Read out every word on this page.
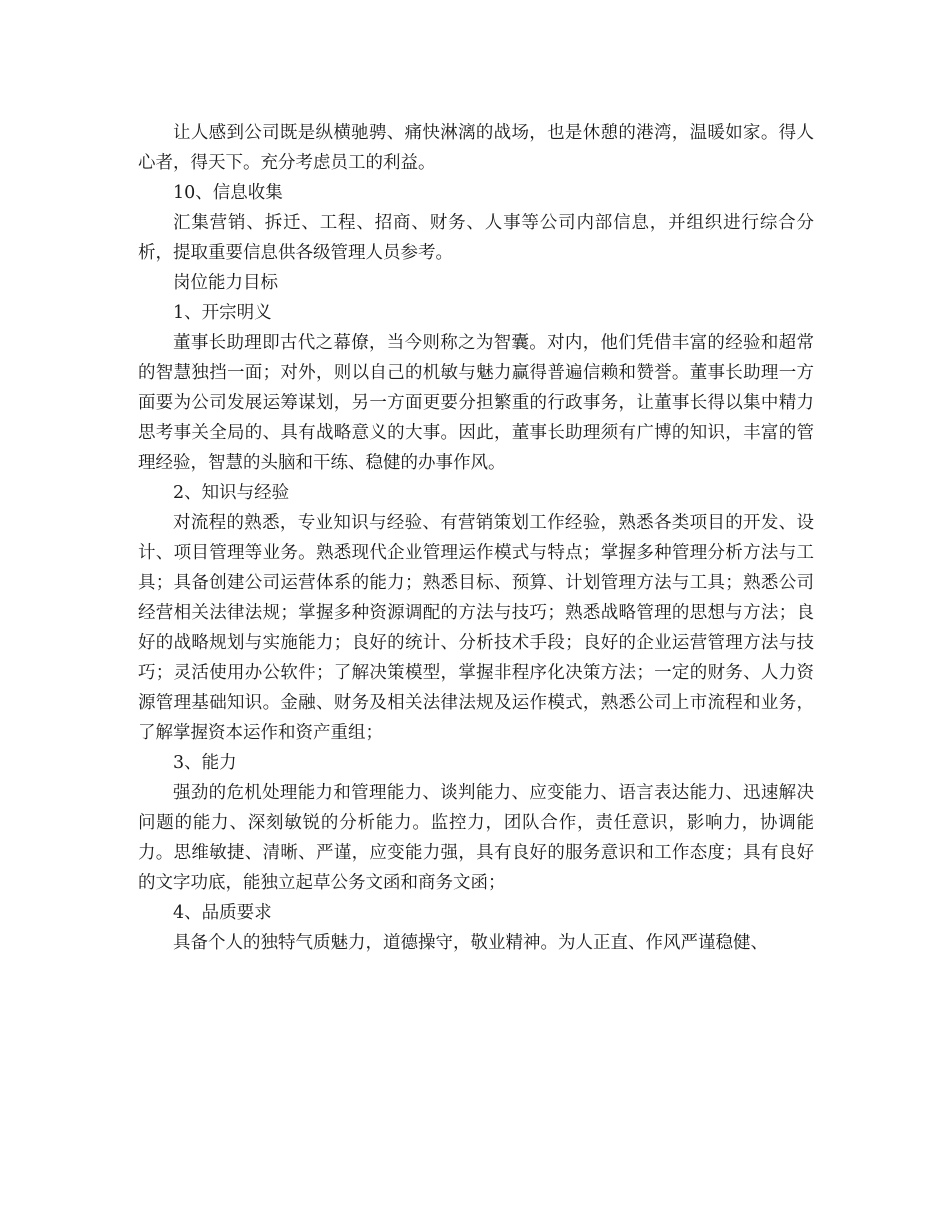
让人感到公司既是纵横驰骋、痛快淋漓的战场，也是休憩的港湾，温暖如家。得人心者，得天下。充分考虑员工的利益。

10、信息收集

汇集营销、拆迁、工程、招商、财务、人事等公司内部信息，并组织进行综合分析，提取重要信息供各级管理人员参考。

岗位能力目标

1、开宗明义

董事长助理即古代之幕僚，当今则称之为智囊。对内，他们凭借丰富的经验和超常的智慧独挡一面；对外，则以自己的机敏与魅力赢得普遍信赖和赞誉。董事长助理一方面要为公司发展运筹谋划，另一方面更要分担繁重的行政事务，让董事长得以集中精力思考事关全局的、具有战略意义的大事。因此，董事长助理须有广博的知识，丰富的管理经验，智慧的头脑和干练、稳健的办事作风。

2、知识与经验

对流程的熟悉，专业知识与经验、有营销策划工作经验，熟悉各类项目的开发、设计、项目管理等业务。熟悉现代企业管理运作模式与特点；掌握多种管理分析方法与工具；具备创建公司运营体系的能力；熟悉目标、预算、计划管理方法与工具；熟悉公司经营相关法律法规；掌握多种资源调配的方法与技巧；熟悉战略管理的思想与方法；良好的战略规划与实施能力；良好的统计、分析技术手段；良好的企业运营管理方法与技巧；灵活使用办公软件；了解决策模型，掌握非程序化决策方法；一定的财务、人力资源管理基础知识。金融、财务及相关法律法规及运作模式，熟悉公司上市流程和业务，了解掌握资本运作和资产重组；

3、能力

强劲的危机处理能力和管理能力、谈判能力、应变能力、语言表达能力、迅速解决问题的能力、深刻敏锐的分析能力。监控力，团队合作，责任意识，影响力，协调能力。思维敏捷、清晰、严谨，应变能力强，具有良好的服务意识和工作态度；具有良好的文字功底，能独立起草公务文函和商务文函；

4、品质要求

具备个人的独特气质魅力，道德操守，敬业精神。为人正直、作风严谨稳健、
